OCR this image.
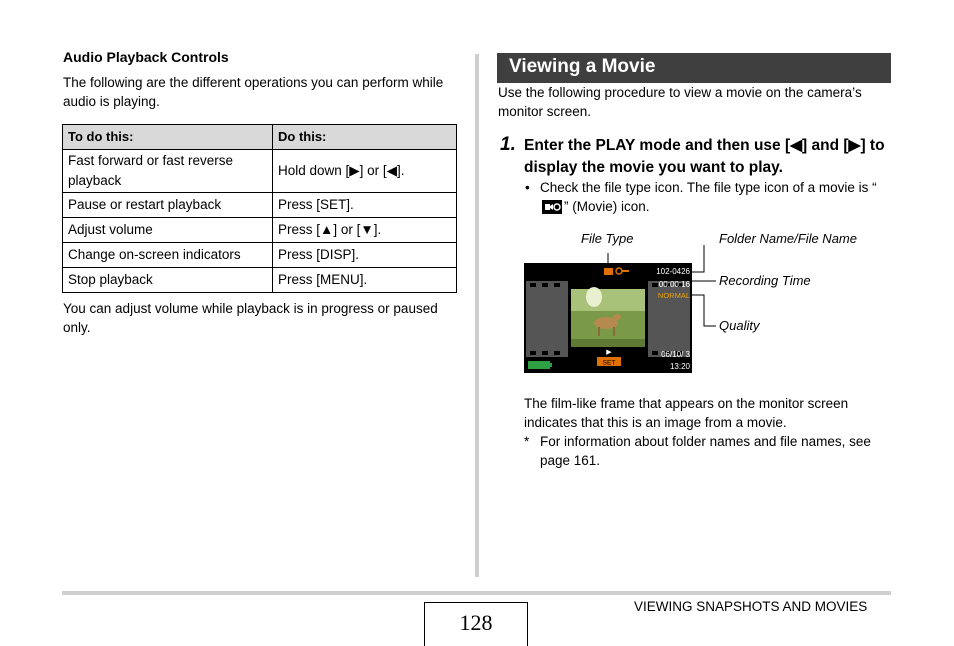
Audio Playback Controls
The following are the different operations you can perform while audio is playing.
To do this:	Do this:
Fast forward or fast reverse playback	Hold down [▶] or [◀].
Pause or restart playback	Press [SET].
Adjust volume	Press [▲] or [▼].
Change on-screen indicators	Press [DISP].
Stop playback	Press [MENU].
You can adjust volume while playback is in progress or paused only.
Viewing a Movie
Use the following procedure to view a movie on the camera’s monitor screen.
1. Enter the PLAY mode and then use [◀] and [▶] to display the movie you want to play.
• Check the file type icon. The file type icon of a movie is “” (Movie) icon.
File Type	Folder Name/File Name
Recording Time
Quality
SET
▶
102-0426
00:00:16
NORMAL
06/10/ 3
13:20
The film-like frame that appears on the monitor screen indicates that this is an image from a movie.
* For information about folder names and file names, see page 161.
VIEWING SNAPSHOTS AND MOVIES
128
